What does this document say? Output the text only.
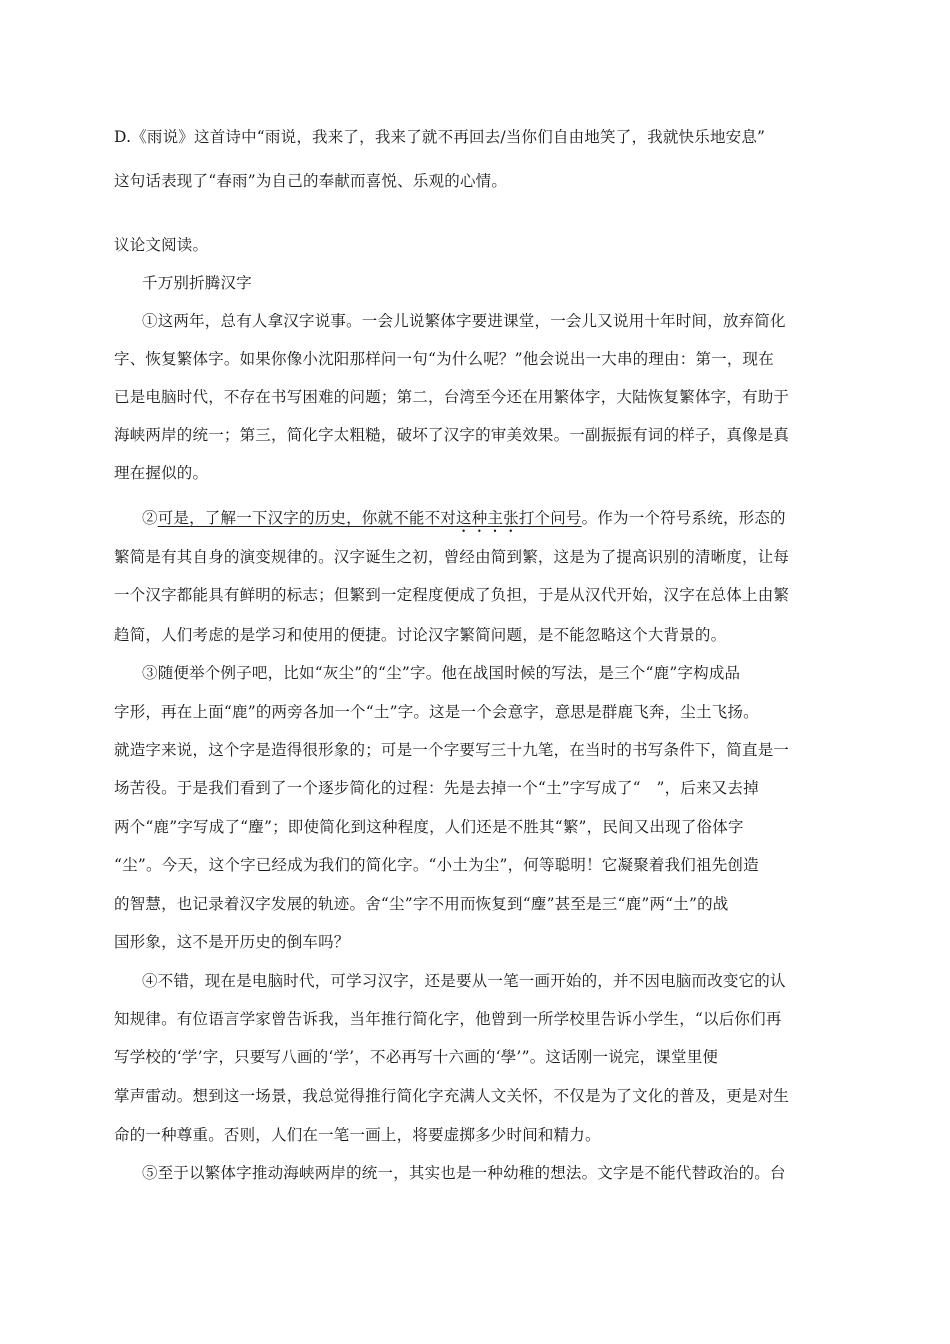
D.《雨说》这首诗中“雨说，我来了，我来了就不再回去/当你们自由地笑了，我就快乐地安息”
这句话表现了“春雨”为自己的奉献而喜悦、乐观的心情。
议论文阅读。
千万别折腾汉字
①这两年，总有人拿汉字说事。一会儿说繁体字要进课堂，一会儿又说用十年时间，放弃简化
字、恢复繁体字。如果你像小沈阳那样问一句“为什么呢？”他会说出一大串的理由：第一，现在
已是电脑时代，不存在书写困难的问题；第二，台湾至今还在用繁体字，大陆恢复繁体字，有助于
海峡两岸的统一；第三，简化字太粗糙，破坏了汉字的审美效果。一副振振有词的样子，真像是真
理在握似的。
②可是，了解一下汉字的历史，你就不能不对这种主张打个问号。作为一个符号系统，形态的
繁简是有其自身的演变规律的。汉字诞生之初，曾经由简到繁，这是为了提高识别的清晰度，让每
一个汉字都能具有鲜明的标志；但繁到一定程度便成了负担，于是从汉代开始，汉字在总体上由繁
趋简，人们考虑的是学习和使用的便捷。讨论汉字繁简问题，是不能忽略这个大背景的。
③随便举个例子吧，比如“灰尘”的“尘”字。他在战国时候的写法，是三个“鹿”字构成品
字形，再在上面“鹿”的两旁各加一个“土”字。这是一个会意字，意思是群鹿飞奔，尘土飞扬。
就造字来说，这个字是造得很形象的；可是一个字要写三十九笔，在当时的书写条件下，简直是一
场苦役。于是我们看到了一个逐步简化的过程：先是去掉一个“土”字写成了“　”，后来又去掉
两个“鹿”字写成了“麈”；即使简化到这种程度，人们还是不胜其“繁”，民间又出现了俗体字
“尘”。今天，这个字已经成为我们的简化字。“小土为尘”，何等聪明！它凝聚着我们祖先创造
的智慧，也记录着汉字发展的轨迹。舍“尘”字不用而恢复到“麈”甚至是三“鹿”两“土”的战
国形象，这不是开历史的倒车吗？
④不错，现在是电脑时代，可学习汉字，还是要从一笔一画开始的，并不因电脑而改变它的认
知规律。有位语言学家曾告诉我，当年推行简化字，他曾到一所学校里告诉小学生，“以后你们再
写学校的‘学’字，只要写八画的‘学’，不必再写十六画的‘學’”。这话刚一说完，课堂里便
掌声雷动。想到这一场景，我总觉得推行简化字充满人文关怀，不仅是为了文化的普及，更是对生
命的一种尊重。否则，人们在一笔一画上，将要虚掷多少时间和精力。
⑤至于以繁体字推动海峡两岸的统一，其实也是一种幼稚的想法。文字是不能代替政治的。台
